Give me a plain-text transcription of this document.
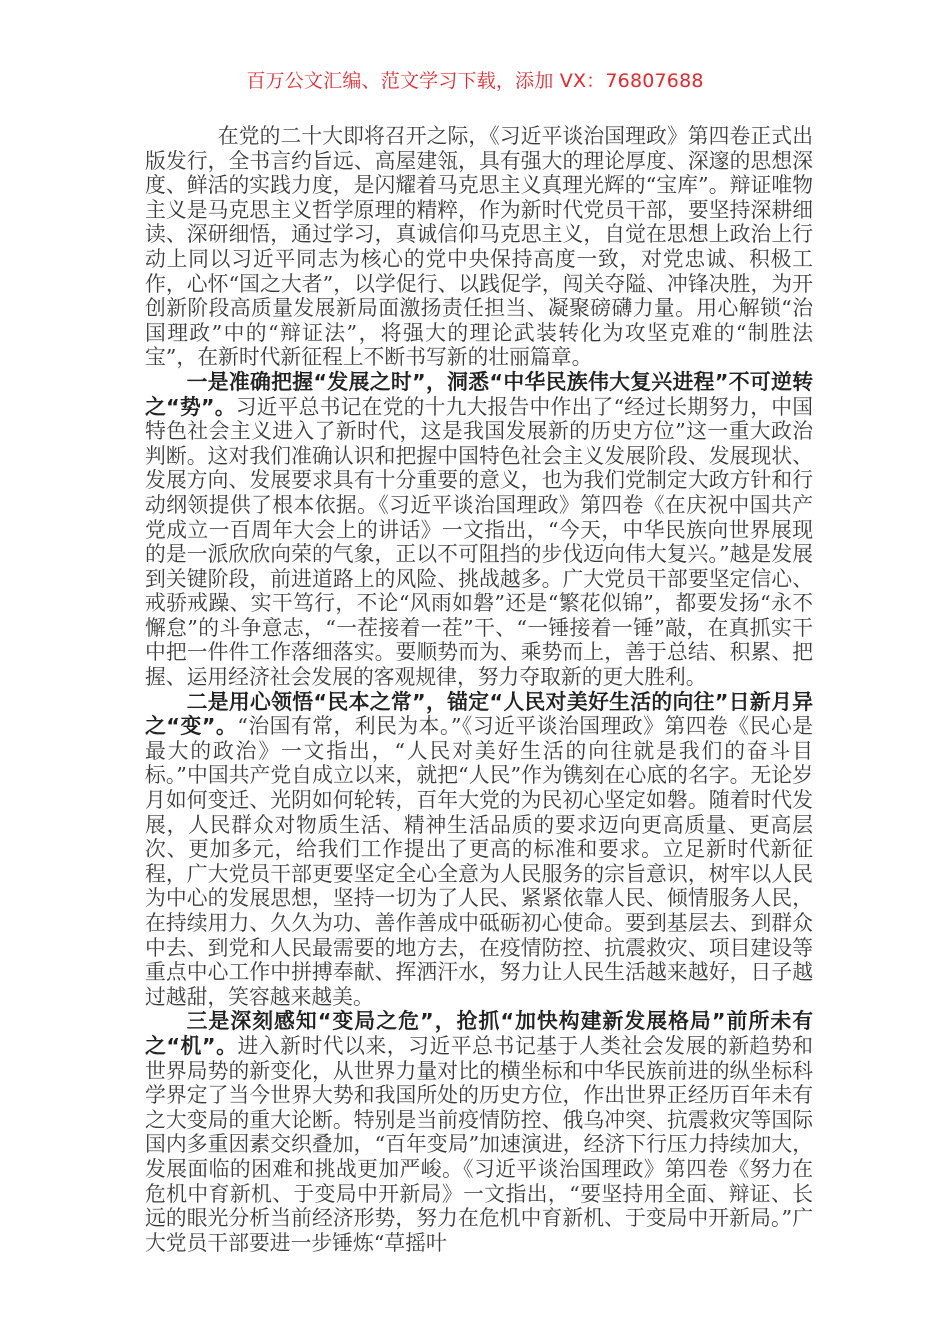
百万公文汇编、范文学习下载，添加 VX：76807688

在党的二十大即将召开之际，《习近平谈治国理政》第四卷正式出版发行，全书言约旨远、高屋建瓴，具有强大的理论厚度、深邃的思想深度、鲜活的实践力度，是闪耀着马克思主义真理光辉的“宝库”。辩证唯物主义是马克思主义哲学原理的精粹，作为新时代党员干部，要坚持深耕细读、深研细悟，通过学习，真诚信仰马克思主义，自觉在思想上政治上行动上同以习近平同志为核心的党中央保持高度一致，对党忠诚、积极工作，心怀“国之大者”，以学促行、以践促学，闯关夺隘、冲锋决胜，为开创新阶段高质量发展新局面激扬责任担当、凝聚磅礴力量。用心解锁“治国理政”中的“辩证法”，将强大的理论武装转化为攻坚克难的“制胜法宝”，在新时代新征程上不断书写新的壮丽篇章。

一是准确把握“发展之时”，洞悉“中华民族伟大复兴进程”不可逆转之“势”。习近平总书记在党的十九大报告中作出了“经过长期努力，中国特色社会主义进入了新时代，这是我国发展新的历史方位”这一重大政治判断。这对我们准确认识和把握中国特色社会主义发展阶段、发展现状、发展方向、发展要求具有十分重要的意义，也为我们党制定大政方针和行动纲领提供了根本依据。《习近平谈治国理政》第四卷《在庆祝中国共产党成立一百周年大会上的讲话》一文指出，“今天，中华民族向世界展现的是一派欣欣向荣的气象，正以不可阻挡的步伐迈向伟大复兴。”越是发展到关键阶段，前进道路上的风险、挑战越多。广大党员干部要坚定信心、戒骄戒躁、实干笃行，不论“风雨如磐”还是“繁花似锦”，都要发扬“永不懈怠”的斗争意志，“一茬接着一茬”干、“一锤接着一锤”敲，在真抓实干中把一件件工作落细落实。要顺势而为、乘势而上，善于总结、积累、把握、运用经济社会发展的客观规律，努力夺取新的更大胜利。

二是用心领悟“民本之常”，锚定“人民对美好生活的向往”日新月异之“变”。“治国有常，利民为本。”《习近平谈治国理政》第四卷《民心是最大的政治》一文指出，“人民对美好生活的向往就是我们的奋斗目标。”中国共产党自成立以来，就把“人民”作为镌刻在心底的名字。无论岁月如何变迁、光阴如何轮转，百年大党的为民初心坚定如磐。随着时代发展，人民群众对物质生活、精神生活品质的要求迈向更高质量、更高层次、更加多元，给我们工作提出了更高的标准和要求。立足新时代新征程，广大党员干部更要坚定全心全意为人民服务的宗旨意识，树牢以人民为中心的发展思想，坚持一切为了人民、紧紧依靠人民、倾情服务人民，在持续用力、久久为功、善作善成中砥砺初心使命。要到基层去、到群众中去、到党和人民最需要的地方去，在疫情防控、抗震救灾、项目建设等重点中心工作中拼搏奉献、挥洒汗水，努力让人民生活越来越好，日子越过越甜，笑容越来越美。

三是深刻感知“变局之危”，抢抓“加快构建新发展格局”前所未有之“机”。进入新时代以来，习近平总书记基于人类社会发展的新趋势和世界局势的新变化，从世界力量对比的横坐标和中华民族前进的纵坐标科学界定了当今世界大势和我国所处的历史方位，作出世界正经历百年未有之大变局的重大论断。特别是当前疫情防控、俄乌冲突、抗震救灾等国际国内多重因素交织叠加，“百年变局”加速演进，经济下行压力持续加大，发展面临的困难和挑战更加严峻。《习近平谈治国理政》第四卷《努力在危机中育新机、于变局中开新局》一文指出，“要坚持用全面、辩证、长远的眼光分析当前经济形势，努力在危机中育新机、于变局中开新局。”广大党员干部要进一步锤炼“草摇叶
